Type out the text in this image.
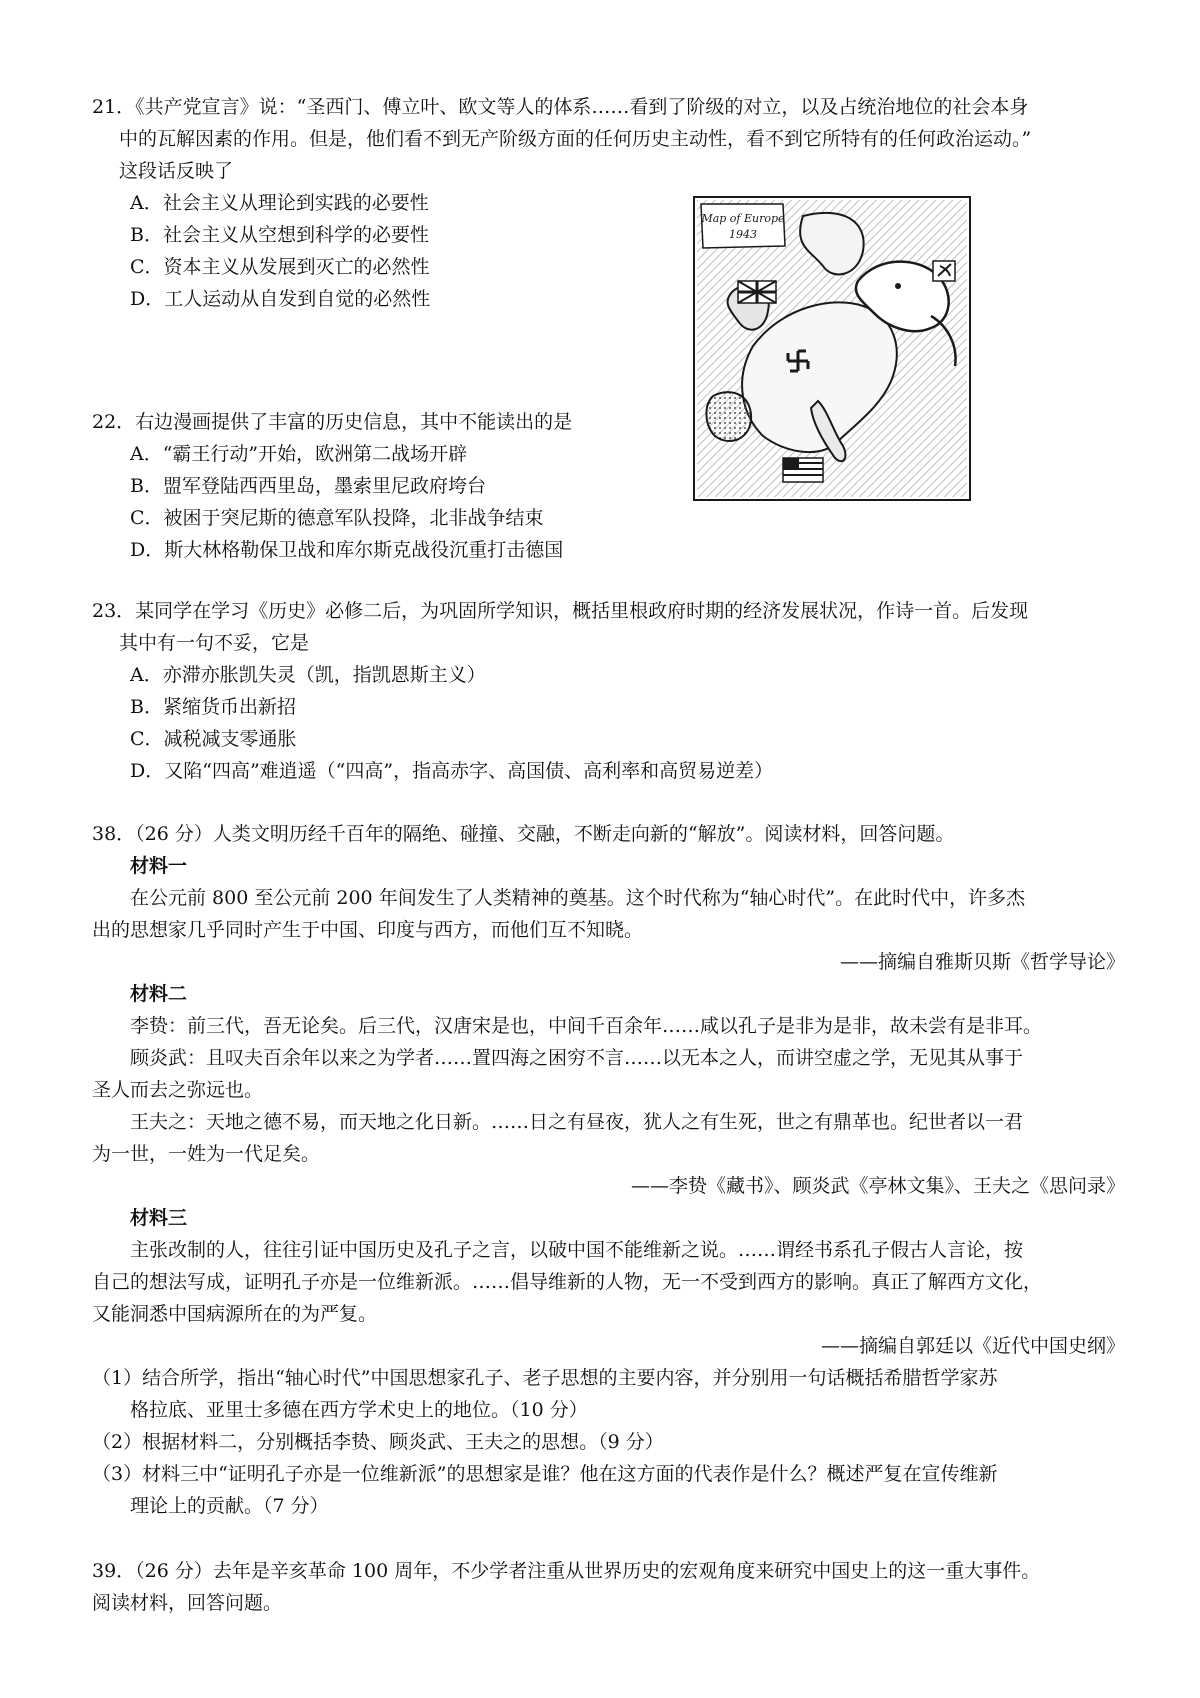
21．《共产党宣言》说：“圣西门、傅立叶、欧文等人的体系……看到了阶级的对立，以及占统治地位的社会本身
中的瓦解因素的作用。但是，他们看不到无产阶级方面的任何历史主动性，看不到它所特有的任何政治运动。”
这段话反映了
A．社会主义从理论到实践的必要性
B．社会主义从空想到科学的必要性
C．资本主义从发展到灭亡的必然性
D．工人运动从自发到自觉的必然性
Map of Europe
1943
22．右边漫画提供了丰富的历史信息，其中不能读出的是
A．“霸王行动”开始，欧洲第二战场开辟
B．盟军登陆西西里岛，墨索里尼政府垮台
C．被困于突尼斯的德意军队投降，北非战争结束
D．斯大林格勒保卫战和库尔斯克战役沉重打击德国
23．某同学在学习《历史》必修二后，为巩固所学知识，概括里根政府时期的经济发展状况，作诗一首。后发现
其中有一句不妥，它是
A．亦滞亦胀凯失灵（凯，指凯恩斯主义）
B．紧缩货币出新招
C．减税减支零通胀
D．又陷“四高”难逍遥（“四高”，指高赤字、高国债、高利率和高贸易逆差）
38．（26 分）人类文明历经千百年的隔绝、碰撞、交融，不断走向新的“解放”。阅读材料，回答问题。
材料一
在公元前 800 至公元前 200 年间发生了人类精神的奠基。这个时代称为“轴心时代”。在此时代中，许多杰
出的思想家几乎同时产生于中国、印度与西方，而他们互不知晓。
——摘编自雅斯贝斯《哲学导论》
材料二
李贽：前三代，吾无论矣。后三代，汉唐宋是也，中间千百余年……咸以孔子是非为是非，故未尝有是非耳。
顾炎武：且叹夫百余年以来之为学者……置四海之困穷不言……以无本之人，而讲空虚之学，无见其从事于
圣人而去之弥远也。
王夫之：天地之德不易，而天地之化日新。……日之有昼夜，犹人之有生死，世之有鼎革也。纪世者以一君
为一世，一姓为一代足矣。
——李贽《藏书》、顾炎武《亭林文集》、王夫之《思问录》
材料三
主张改制的人，往往引证中国历史及孔子之言，以破中国不能维新之说。……谓经书系孔子假古人言论，按
自己的想法写成，证明孔子亦是一位维新派。……倡导维新的人物，无一不受到西方的影响。真正了解西方文化，
又能洞悉中国病源所在的为严复。
——摘编自郭廷以《近代中国史纲》
（1）结合所学，指出“轴心时代”中国思想家孔子、老子思想的主要内容，并分别用一句话概括希腊哲学家苏
格拉底、亚里士多德在西方学术史上的地位。（10 分）
（2）根据材料二，分别概括李贽、顾炎武、王夫之的思想。（9 分）
（3）材料三中“证明孔子亦是一位维新派”的思想家是谁？他在这方面的代表作是什么？概述严复在宣传维新
理论上的贡献。（7 分）
39．（26 分）去年是辛亥革命 100 周年，不少学者注重从世界历史的宏观角度来研究中国史上的这一重大事件。
阅读材料，回答问题。
